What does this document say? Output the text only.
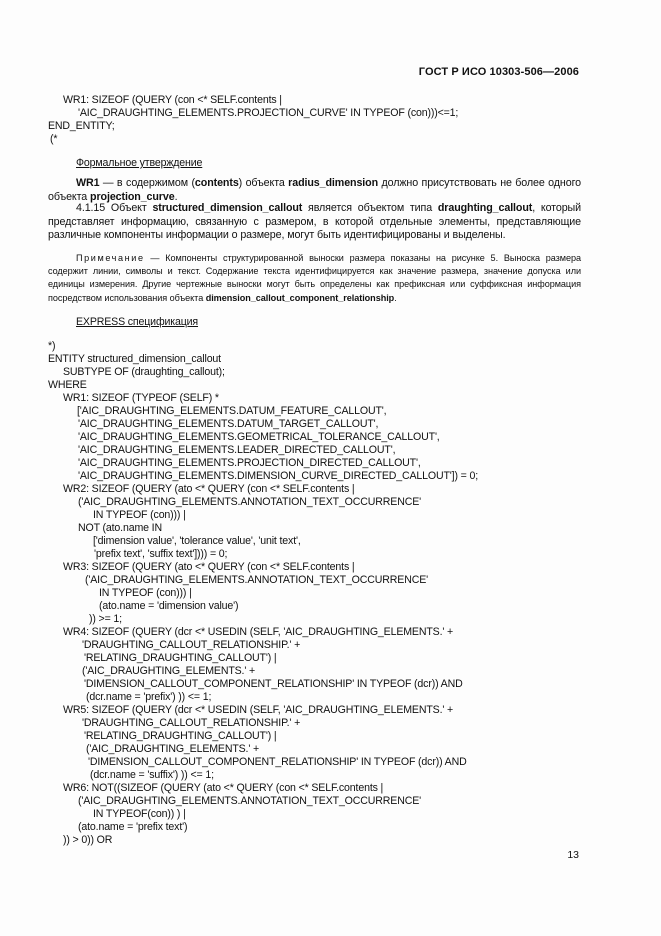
ГОСТ Р ИСО 10303-506—2006
WR1: SIZEOF (QUERY (con <* SELF.contents |
'AIC_DRAUGHTING_ELEMENTS.PROJECTION_CURVE' IN TYPEOF (con)))<=1;
END_ENTITY;
(*
Формальное утверждение
WR1 — в содержимом (contents) объекта radius_dimension должно присутствовать не более одного объекта projection_curve.
4.1.15 Объект structured_dimension_callout является объектом типа draughting_callout, который представляет информацию, связанную с размером, в которой отдельные элементы, представляющие различные компоненты информации о размере, могут быть идентифицированы и выделены.
Примечание — Компоненты структурированной выноски размера показаны на рисунке 5. Выноска размера содержит линии, символы и текст. Содержание текста идентифицируется как значение размера, значение допуска или единицы измерения. Другие чертежные выноски могут быть определены как префиксная или суффиксная информация посредством использования объекта dimension_callout_component_relationship.
EXPRESS спецификация
*)
ENTITY structured_dimension_callout
SUBTYPE OF (draughting_callout);
WHERE
WR1: SIZEOF (TYPEOF (SELF) *
['AIC_DRAUGHTING_ELEMENTS.DATUM_FEATURE_CALLOUT',
'AIC_DRAUGHTING_ELEMENTS.DATUM_TARGET_CALLOUT',
'AIC_DRAUGHTING_ELEMENTS.GEOMETRICAL_TOLERANCE_CALLOUT',
'AIC_DRAUGHTING_ELEMENTS.LEADER_DIRECTED_CALLOUT',
'AIC_DRAUGHTING_ELEMENTS.PROJECTION_DIRECTED_CALLOUT',
'AIC_DRAUGHTING_ELEMENTS.DIMENSION_CURVE_DIRECTED_CALLOUT']) = 0;
WR2: SIZEOF (QUERY (ato <* QUERY (con <* SELF.contents |
('AIC_DRAUGHTING_ELEMENTS.ANNOTATION_TEXT_OCCURRENCE'
IN TYPEOF (con))) |
NOT (ato.name IN
['dimension value', 'tolerance value', 'unit text',
'prefix text', 'suffix text']))) = 0;
WR3: SIZEOF (QUERY (ato <* QUERY (con <* SELF.contents |
('AIC_DRAUGHTING_ELEMENTS.ANNOTATION_TEXT_OCCURRENCE'
IN TYPEOF (con))) |
(ato.name = 'dimension value')
)) >= 1;
WR4: SIZEOF (QUERY (dcr <* USEDIN (SELF, 'AIC_DRAUGHTING_ELEMENTS.' +
'DRAUGHTING_CALLOUT_RELATIONSHIP.' +
'RELATING_DRAUGHTING_CALLOUT') |
('AIC_DRAUGHTING_ELEMENTS.' +
'DIMENSION_CALLOUT_COMPONENT_RELATIONSHIP' IN TYPEOF (dcr)) AND
(dcr.name = 'prefix') )) <= 1;
WR5: SIZEOF (QUERY (dcr <* USEDIN (SELF, 'AIC_DRAUGHTING_ELEMENTS.' +
'DRAUGHTING_CALLOUT_RELATIONSHIP.' +
'RELATING_DRAUGHTING_CALLOUT') |
('AIC_DRAUGHTING_ELEMENTS.' +
'DIMENSION_CALLOUT_COMPONENT_RELATIONSHIP' IN TYPEOF (dcr)) AND
(dcr.name = 'suffix') )) <= 1;
WR6: NOT((SIZEOF (QUERY (ato <* QUERY (con <* SELF.contents |
('AIC_DRAUGHTING_ELEMENTS.ANNOTATION_TEXT_OCCURRENCE'
IN TYPEOF(con)) ) |
(ato.name = 'prefix text')
)) > 0)) OR
13
